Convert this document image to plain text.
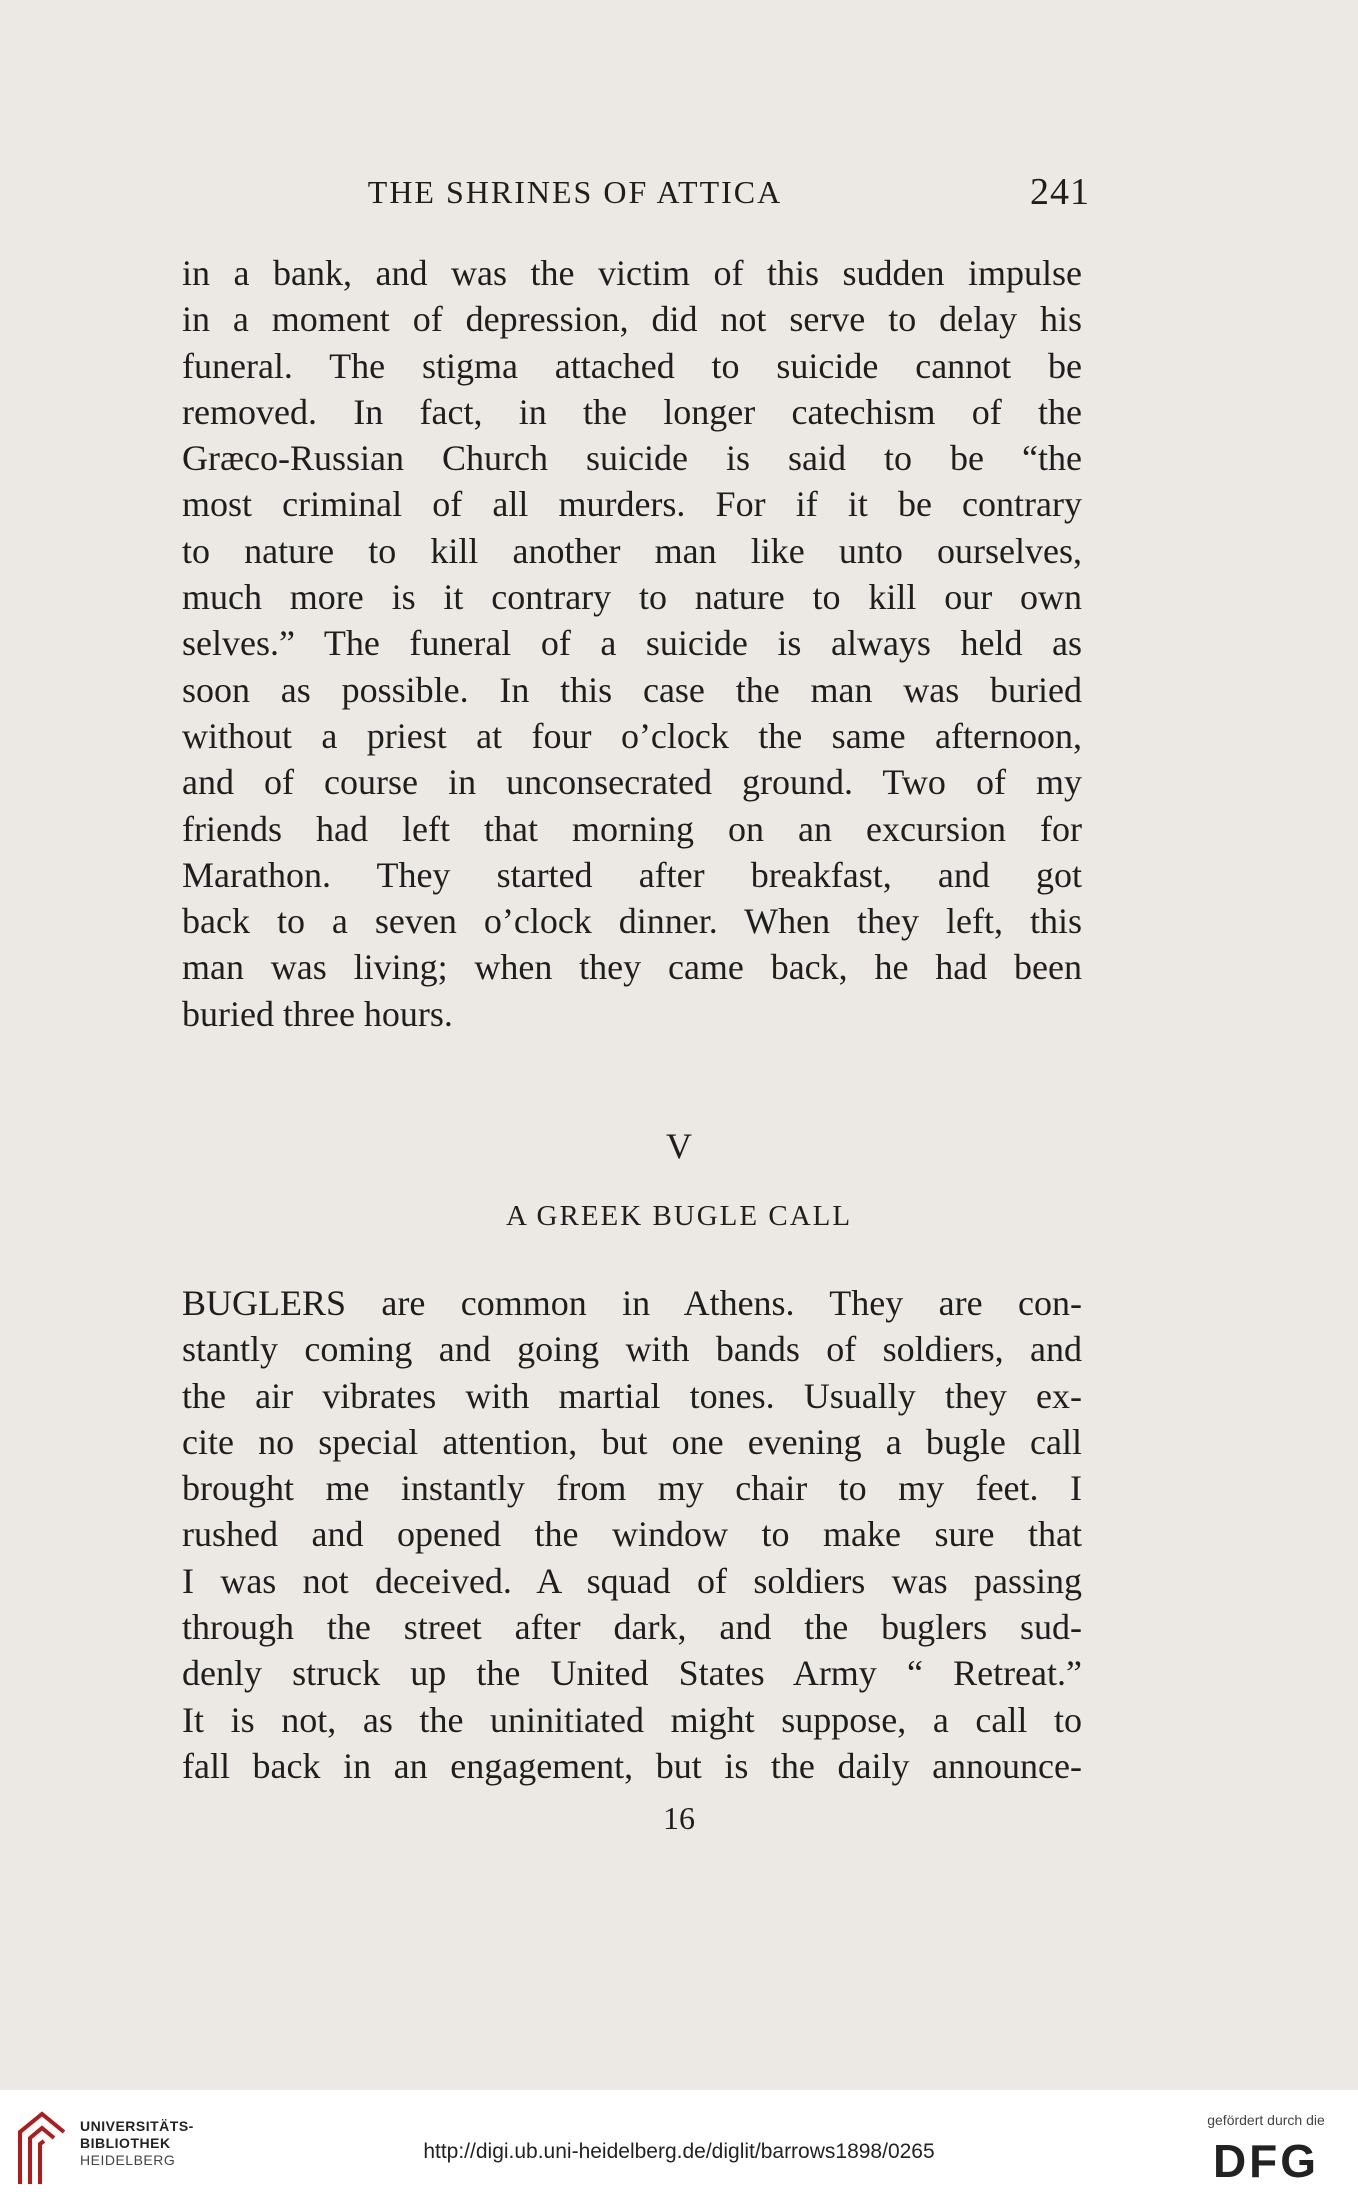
THE SHRINES OF ATTICA	241
in a bank, and was the victim of this sudden impulse
in a moment of depression, did not serve to delay his
funeral. The stigma attached to suicide cannot be
removed. In fact, in the longer catechism of the
Græco-Russian Church suicide is said to be “the
most criminal of all murders. For if it be contrary
to nature to kill another man like unto ourselves,
much more is it contrary to nature to kill our own
selves.” The funeral of a suicide is always held as
soon as possible. In this case the man was buried
without a priest at four o’clock the same afternoon,
and of course in unconsecrated ground. Two of my
friends had left that morning on an excursion for
Marathon. They started after breakfast, and got
back to a seven o’clock dinner. When they left, this
man was living; when they came back, he had been
buried three hours.
V
A GREEK BUGLE CALL
BUGLERS are common in Athens. They are con-
stantly coming and going with bands of soldiers, and
the air vibrates with martial tones. Usually they ex-
cite no special attention, but one evening a bugle call
brought me instantly from my chair to my feet. I
rushed and opened the window to make sure that
I was not deceived. A squad of soldiers was passing
through the street after dark, and the buglers sud-
denly struck up the United States Army “ Retreat.”
It is not, as the uninitiated might suppose, a call to
fall back in an engagement, but is the daily announce-
16
UNIVERSITÄTS-
BIBLIOTHEK
HEIDELBERG	http://digi.ub.uni-heidelberg.de/diglit/barrows1898/0265
gefördert durch die
DFG
